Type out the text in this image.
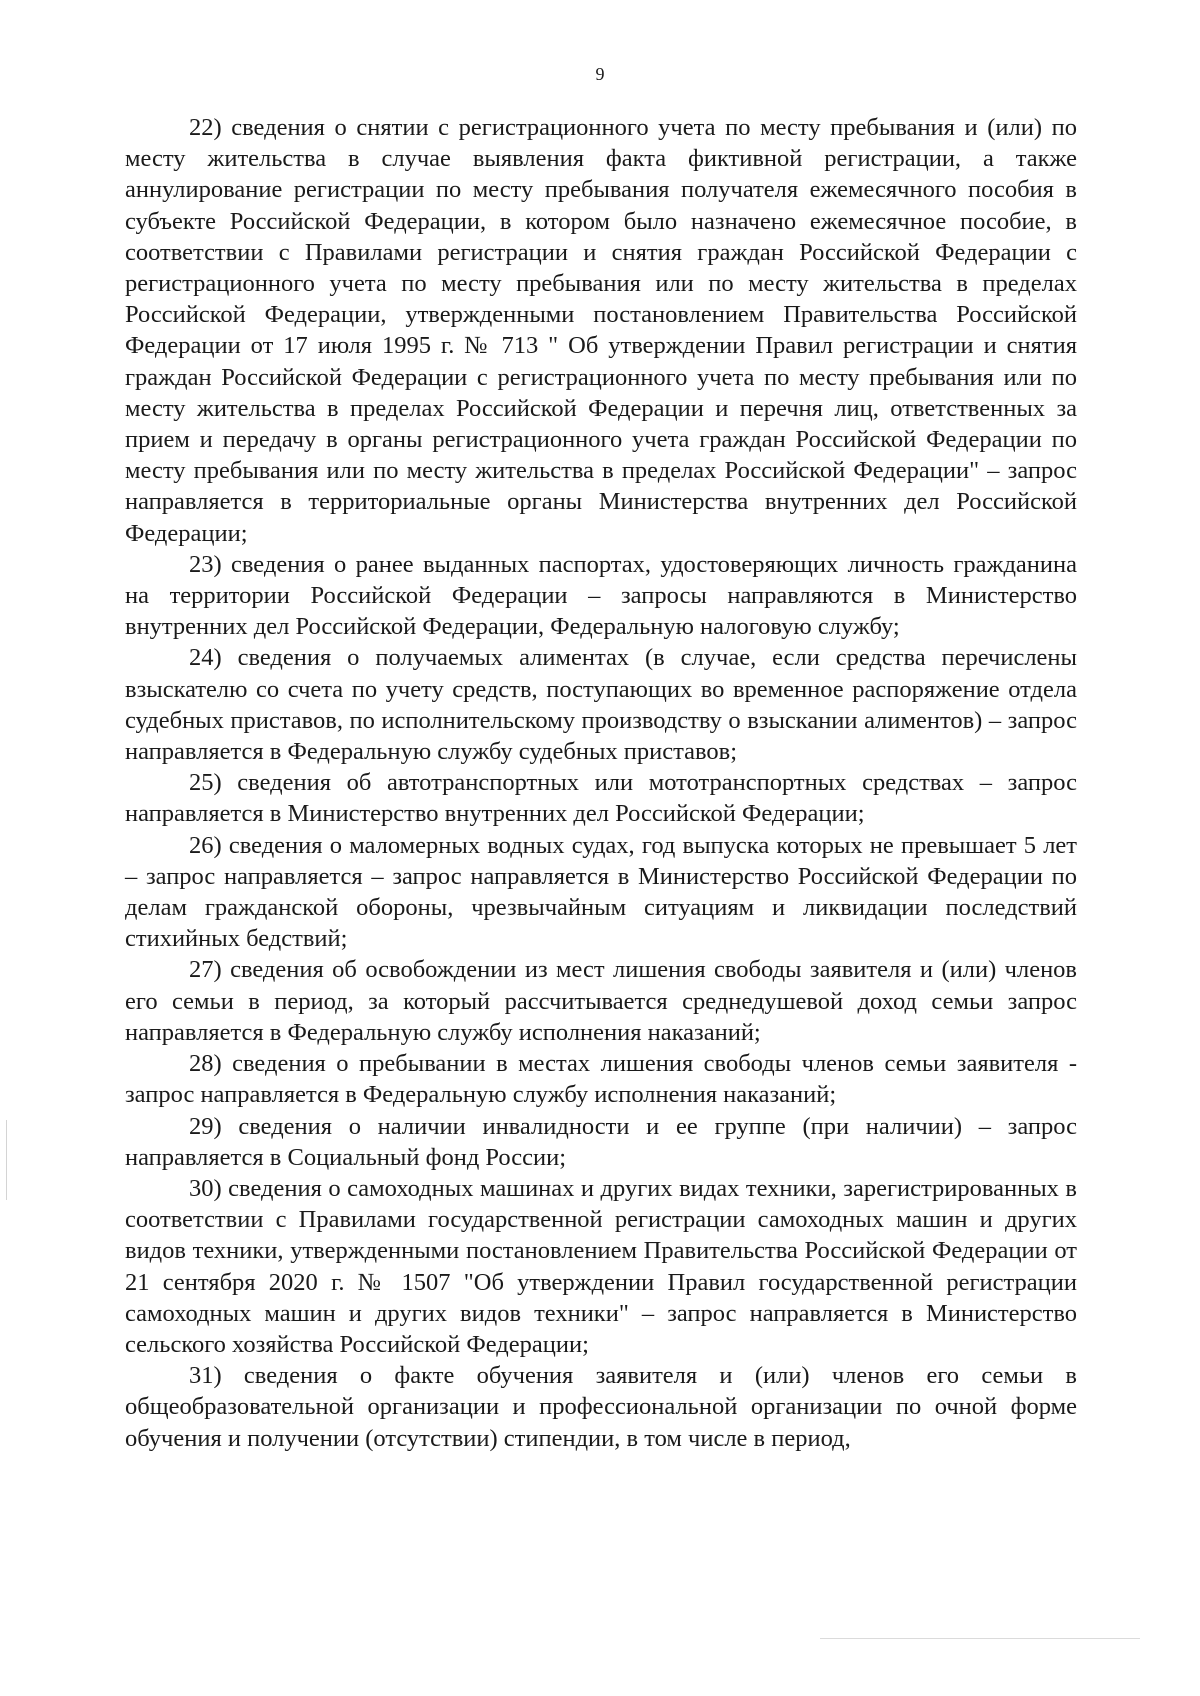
9

22) сведения о снятии с регистрационного учета по месту пребывания и (или) по месту жительства в случае выявления факта фиктивной регистрации, а также аннулирование регистрации по месту пребывания получателя ежемесячного пособия в субъекте Российской Федерации, в котором было назначено ежемесячное пособие, в соответствии с Правилами регистрации и снятия граждан Российской Федерации с регистрационного учета по месту пребывания или по месту жительства в пределах Российской Федерации, утвержденными постановлением Правительства Российской Федерации от 17 июля 1995 г. № 713 " Об утверждении Правил регистрации и снятия граждан Российской Федерации с регистрационного учета по месту пребывания или по месту жительства в пределах Российской Федерации и перечня лиц, ответственных за прием и передачу в органы регистрационного учета граждан Российской Федерации по месту пребывания или по месту жительства в пределах Российской Федерации" – запрос направляется в территориальные органы Министерства внутренних дел Российской Федерации;

23) сведения о ранее выданных паспортах, удостоверяющих личность гражданина на территории Российской Федерации – запросы направляются в Министерство внутренних дел Российской Федерации, Федеральную налоговую службу;

24) сведения о получаемых алиментах (в случае, если средства перечислены взыскателю со счета по учету средств, поступающих во временное распоряжение отдела судебных приставов, по исполнительскому производству о взыскании алиментов) – запрос направляется в Федеральную службу судебных приставов;

25) сведения об автотранспортных или мототранспортных средствах – запрос направляется в Министерство внутренних дел Российской Федерации;

26) сведения о маломерных водных судах, год выпуска которых не превышает 5 лет – запрос направляется – запрос направляется в Министерство Российской Федерации по делам гражданской обороны, чрезвычайным ситуациям и ликвидации последствий стихийных бедствий;

27) сведения об освобождении из мест лишения свободы заявителя и (или) членов его семьи в период, за который рассчитывается среднедушевой доход семьи запрос направляется в Федеральную службу исполнения наказаний;

28) сведения о пребывании в местах лишения свободы членов семьи заявителя - запрос направляется в Федеральную службу исполнения наказаний;

29) сведения о наличии инвалидности и ее группе (при наличии) – запрос направляется в Социальный фонд России;

30) сведения о самоходных машинах и других видах техники, зарегистрированных в соответствии с Правилами государственной регистрации самоходных машин и других видов техники, утвержденными постановлением Правительства Российской Федерации от 21 сентября 2020 г. № 1507 "Об утверждении Правил государственной регистрации самоходных машин и других видов техники" – запрос направляется в Министерство сельского хозяйства Российской Федерации;

31) сведения о факте обучения заявителя и (или) членов его семьи в общеобразовательной организации и профессиональной организации по очной форме обучения и получении (отсутствии) стипендии, в том числе в период,
